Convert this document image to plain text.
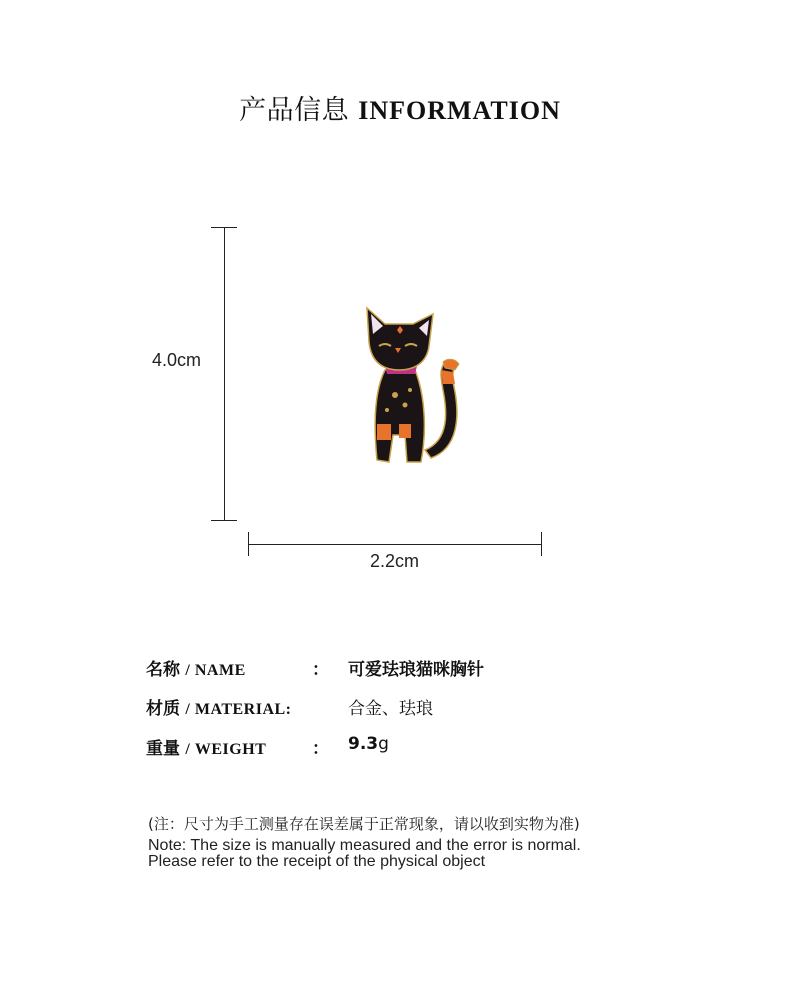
产品信息 INFORMATION
4.0cm
2.2cm
名称 / NAME	： 可爱珐琅猫咪胸针
材质 / MATERIAL:	合金、珐琅
重量 / WEIGHT	： 9.3g
(注：尺寸为手工测量存在误差属于正常现象，请以收到实物为准)
Note: The size is manually measured and the error is normal.
Please refer to the receipt of the physical object
